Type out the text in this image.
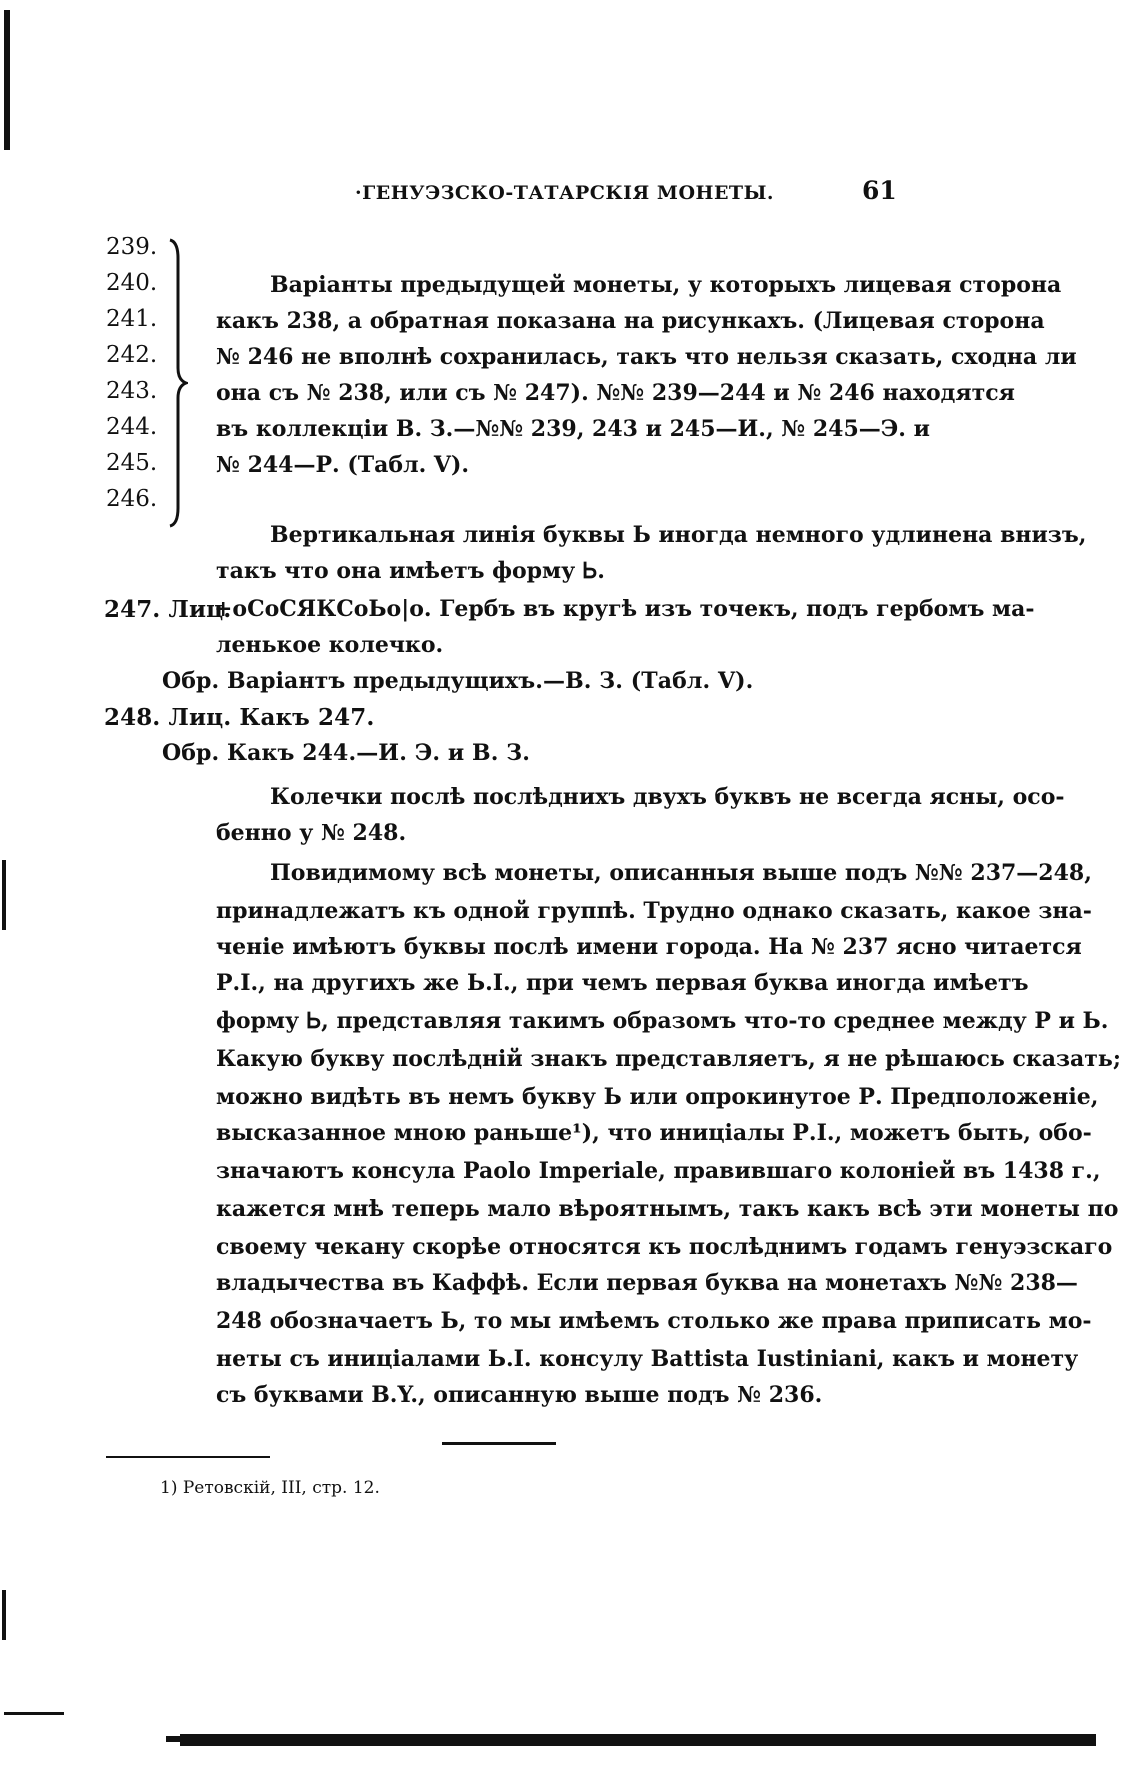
·ГЕНУЭЗСКО-ТАТАРСКІЯ МОНЕТЫ.	61
239.
240.
241.
242.
243.
244.
245.
246.
Варіанты предыдущей монеты, у которыхъ лицевая сторона
какъ 238, а обратная показана на рисункахъ. (Лицевая сторона
№ 246 не вполнѣ сохранилась, такъ что нельзя сказать, сходна ли
она съ № 238, или съ № 247). №№ 239—244 и № 246 находятся
въ коллекціи В. З.—№№ 239, 243 и 245—И., № 245—Э. и
№ 244—Р. (Табл. V).
Вертикальная линія буквы Ь иногда немного удлинена внизъ,
такъ что она имѣетъ форму Ꮟ.
247. Лиц.
+оСоСЯКСоЬо|о. Гербъ въ кругѣ изъ точекъ, подъ гербомъ ма-
ленькое колечко.
Обр. Варіантъ предыдущихъ.—В. З. (Табл. V).
248. Лиц. Какъ 247.
Обр. Какъ 244.—И. Э. и В. З.
Колечки послѣ послѣднихъ двухъ буквъ не всегда ясны, осо-
бенно у № 248.
Повидимому всѣ монеты, описанныя выше подъ №№ 237—248,
принадлежатъ къ одной группѣ. Трудно однако сказать, какое зна-
ченіе имѣютъ буквы послѣ имени города. На № 237 ясно читается
Р.І., на другихъ же Ь.І., при чемъ первая буква иногда имѣетъ
форму Ꮟ, представляя такимъ образомъ что-то среднее между Р и Ь.
Какую букву послѣдній знакъ представляетъ, я не рѣшаюсь сказать;
можно видѣть въ немъ букву Ь или опрокинутое Р. Предположеніе,
высказанное мною раньше¹), что иниціалы Р.І., можетъ быть, обо-
значаютъ консула Paolo Imperiale, правившаго колоніей въ 1438 г.,
кажется мнѣ теперь мало вѣроятнымъ, такъ какъ всѣ эти монеты по
своему чекану скорѣе относятся къ послѣднимъ годамъ генуэзскаго
владычества въ Каффѣ. Если первая буква на монетахъ №№ 238—
248 обозначаетъ Ь, то мы имѣемъ столько же права приписать мо-
неты съ иниціалами Ь.І. консулу Battista Iustiniani, какъ и монету
съ буквами В.Y., описанную выше подъ № 236.
1) Ретовскій, III, стр. 12.
